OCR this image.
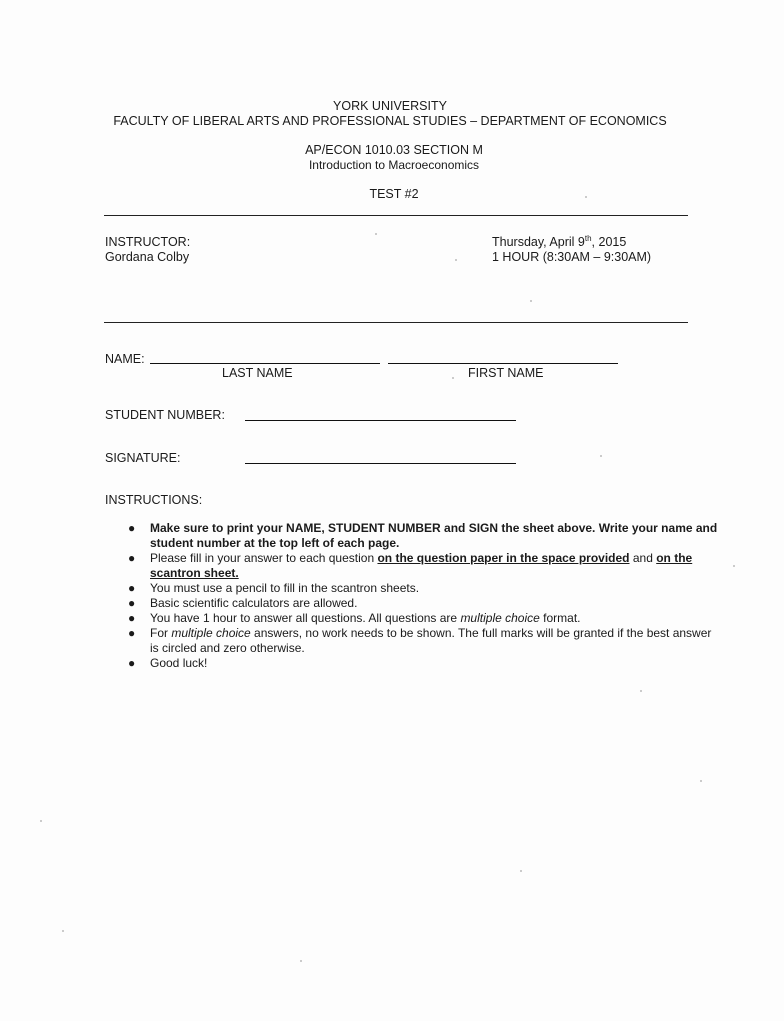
YORK UNIVERSITY
FACULTY OF LIBERAL ARTS AND PROFESSIONAL STUDIES – DEPARTMENT OF ECONOMICS
AP/ECON 1010.03 SECTION M
Introduction to Macroeconomics
TEST #2
INSTRUCTOR:
Gordana Colby
Thursday, April 9th, 2015
1 HOUR (8:30AM – 9:30AM)
NAME:
LAST NAME	FIRST NAME
STUDENT NUMBER:
SIGNATURE:
INSTRUCTIONS:
● Make sure to print your NAME, STUDENT NUMBER and SIGN the sheet above. Write your name and student number at the top left of each page.
● Please fill in your answer to each question on the question paper in the space provided and on the scantron sheet.
● You must use a pencil to fill in the scantron sheets.
● Basic scientific calculators are allowed.
● You have 1 hour to answer all questions. All questions are multiple choice format.
● For multiple choice answers, no work needs to be shown. The full marks will be granted if the best answer is circled and zero otherwise.
● Good luck!
